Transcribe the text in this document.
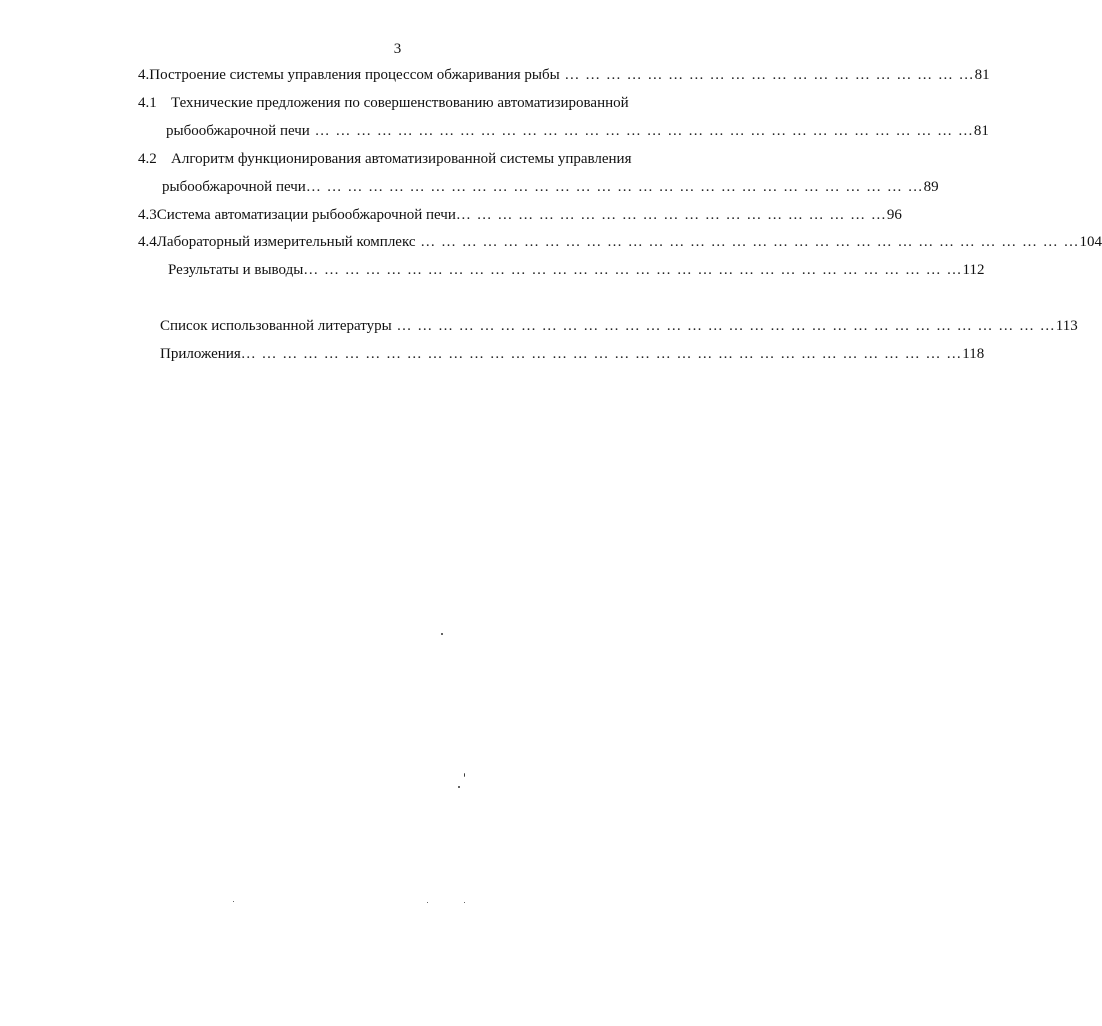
3
4. Построение системы управления процессом обжаривания рыбы … … … … … … … … … … … … … … … … … … … … 81
4.1 Технические предложения по совершенствованию автоматизированной
рыбообжарочной печи … … … … … … … … … … … … … … … … … … … … … … … … … … … … … … … … 81
4.2 Алгоритм функционирования автоматизированной системы управления
рыбообжарочной печи … … … … … … … … … … … … … … … … … … … … … … … … … … … … … … 89
4.3 Система автоматизации рыбообжарочной печи … … … … … … … … … … … … … … … … … … … … … 96
4.4 Лабораторный измерительный комплекс … … … … … … … … … … … … … … … … … … … … … … … … … … … … … … … … 104
Результаты и выводы … … … … … … … … … … … … … … … … … … … … … … … … … … … … … … … … 112
Список использованной литературы … … … … … … … … … … … … … … … … … … … … … … … … … … … … … … … … 113
Приложения … … … … … … … … … … … … … … … … … … … … … … … … … … … … … … … … … … … 118
